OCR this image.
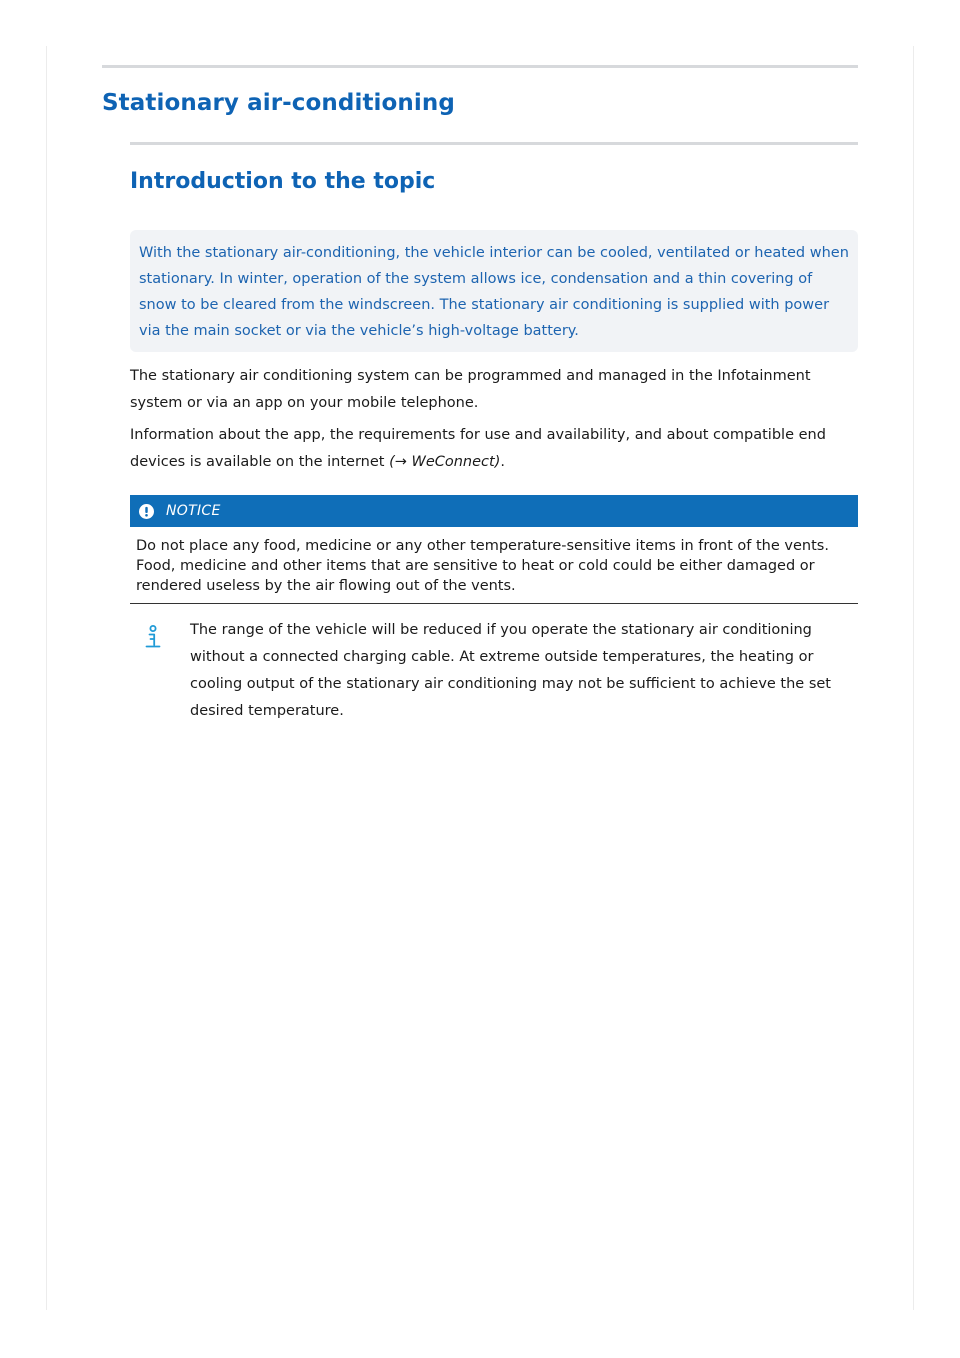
Stationary air-conditioning
Introduction to the topic

With the stationary air-conditioning, the vehicle interior can be cooled, ventilated or heated when stationary. In winter, operation of the system allows ice, condensation and a thin covering of snow to be cleared from the windscreen. The stationary air conditioning is supplied with power via the main socket or via the vehicle’s high-voltage battery.

The stationary air conditioning system can be programmed and managed in the Infotainment system or via an app on your mobile telephone.

Information about the app, the requirements for use and availability, and about compatible end devices is available on the internet (→ WeConnect).

NOTICE

Do not place any food, medicine or any other temperature-sensitive items in front of the vents. Food, medicine and other items that are sensitive to heat or cold could be either damaged or rendered useless by the air flowing out of the vents.

The range of the vehicle will be reduced if you operate the stationary air conditioning without a connected charging cable. At extreme outside temperatures, the heating or cooling output of the stationary air conditioning may not be sufficient to achieve the set desired temperature.
